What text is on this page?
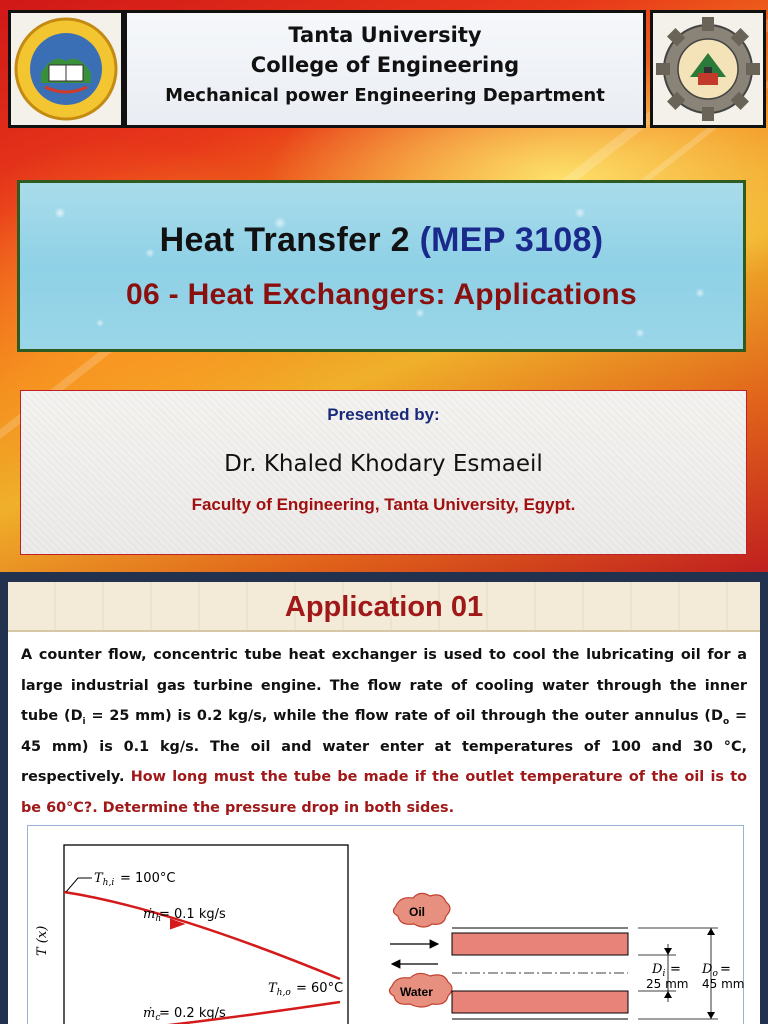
Tanta University
College of Engineering
Mechanical power Engineering Department
Heat Transfer 2 (MEP 3108)
06 - Heat Exchangers: Applications
Presented by:
Dr. Khaled Khodary Esmaeil
Faculty of Engineering, Tanta University, Egypt.
Application 01
A counter flow, concentric tube heat exchanger is used to cool the lubricating oil for a large industrial gas turbine engine. The flow rate of cooling water through the inner tube ($D_i = 25$ mm) is 0.2 kg/s, while the flow rate of oil through the outer annulus ($D_o = 45$ mm) is 0.1 kg/s. The oil and water enter at temperatures of 100 and 30 °C, respectively. How long must the tube be made if the outlet temperature of the oil is to be 60°C?. Determine the pressure drop in both sides.
T (x)
$T_{h,i} = 100^\circ C$
ṁ$_h$
= 0.1 kg/s
$T_{h,o} = 60^\circ C$
ṁ$_c$
= 0.2 kg/s
Oil
Water
$D_i$ =
25 mm
$D_o$ =
45 mm
